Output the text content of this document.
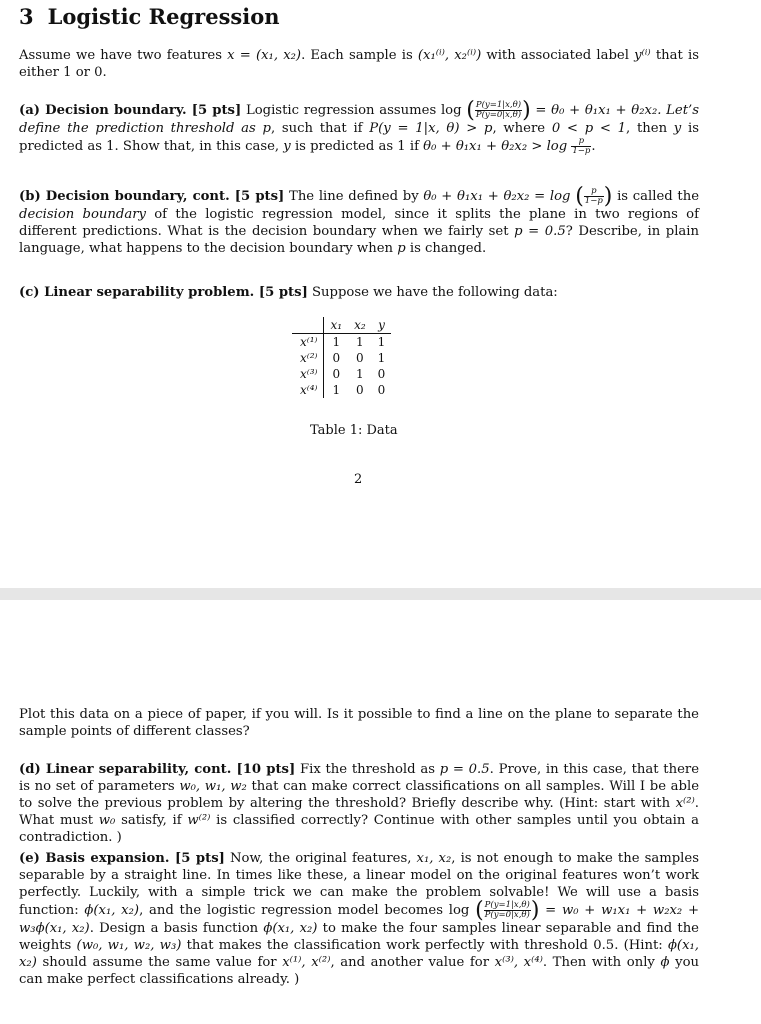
3 Logistic Regression

Assume we have two features x = (x₁, x₂). Each sample is (x₁⁽ⁱ⁾, x₂⁽ⁱ⁾) with associated label y⁽ⁱ⁾ that is either 1 or 0.

(a) Decision boundary. [5 pts] Logistic regression assumes log ( $\frac{P(y=1|x,\theta)}{P(y=0|x,\theta)}$ ) = θ₀ + θ₁x₁ + θ₂x₂. Let’s define the prediction threshold as p, such that if P(y = 1|x, θ) > p, where 0 < p < 1, then y is predicted as 1. Show that, in this case, y is predicted as 1 if $\theta_0 + \theta_1x_1 + \theta_2x_2 > \log \frac{p}{1-p}$ .

(b) Decision boundary, cont. [5 pts] The line defined by θ₀ + θ₁x₁ + θ₂x₂ = log ( $\frac{p}{1-p}$ ) is called the decision boundary of the logistic regression model, since it splits the plane in two regions of different predictions. What is the decision boundary when we fairly set p = 0.5? Describe, in plain language, what happens to the decision boundary when p is changed.

(c) Linear separability problem. [5 pts] Suppose we have the following data:

	x₁	x₂	y
x⁽¹⁾	1	1	1
x⁽²⁾	0	0	1
x⁽³⁾	0	1	0
x⁽⁴⁾	1	0	0
Table 1: Data
2

Plot this data on a piece of paper, if you will. Is it possible to find a line on the plane to separate the sample points of different classes?

(d) Linear separability, cont. [10 pts] Fix the threshold as p = 0.5. Prove, in this case, that there is no set of parameters w₀, w₁, w₂ that can make correct classifications on all samples. Will I be able to solve the previous problem by altering the threshold? Briefly describe why. (Hint: start with x⁽²⁾. What must w₀ satisfy, if w⁽²⁾ is classified correctly? Continue with other samples until you obtain a contradiction. )

(e) Basis expansion. [5 pts] Now, the original features, x₁, x₂, is not enough to make the samples separable by a straight line. In times like these, a linear model on the original features won’t work perfectly. Luckily, with a simple trick we can make the problem solvable! We will use a basis function: ϕ(x₁, x₂), and the logistic regression model becomes log ( $\frac{P(y=1|x,\theta)}{P(y=0|x,\theta)}$ ) = w₀ + w₁x₁ + w₂x₂ + w₃ϕ(x₁, x₂). Design a basis function ϕ(x₁, x₂) to make the four samples linear separable and find the weights (w₀, w₁, w₂, w₃) that makes the classification work perfectly with threshold 0.5. (Hint: ϕ(x₁, x₂) should assume the same value for x⁽¹⁾, x⁽²⁾, and another value for x⁽³⁾, x⁽⁴⁾. Then with only ϕ you can make perfect classifications already. )
